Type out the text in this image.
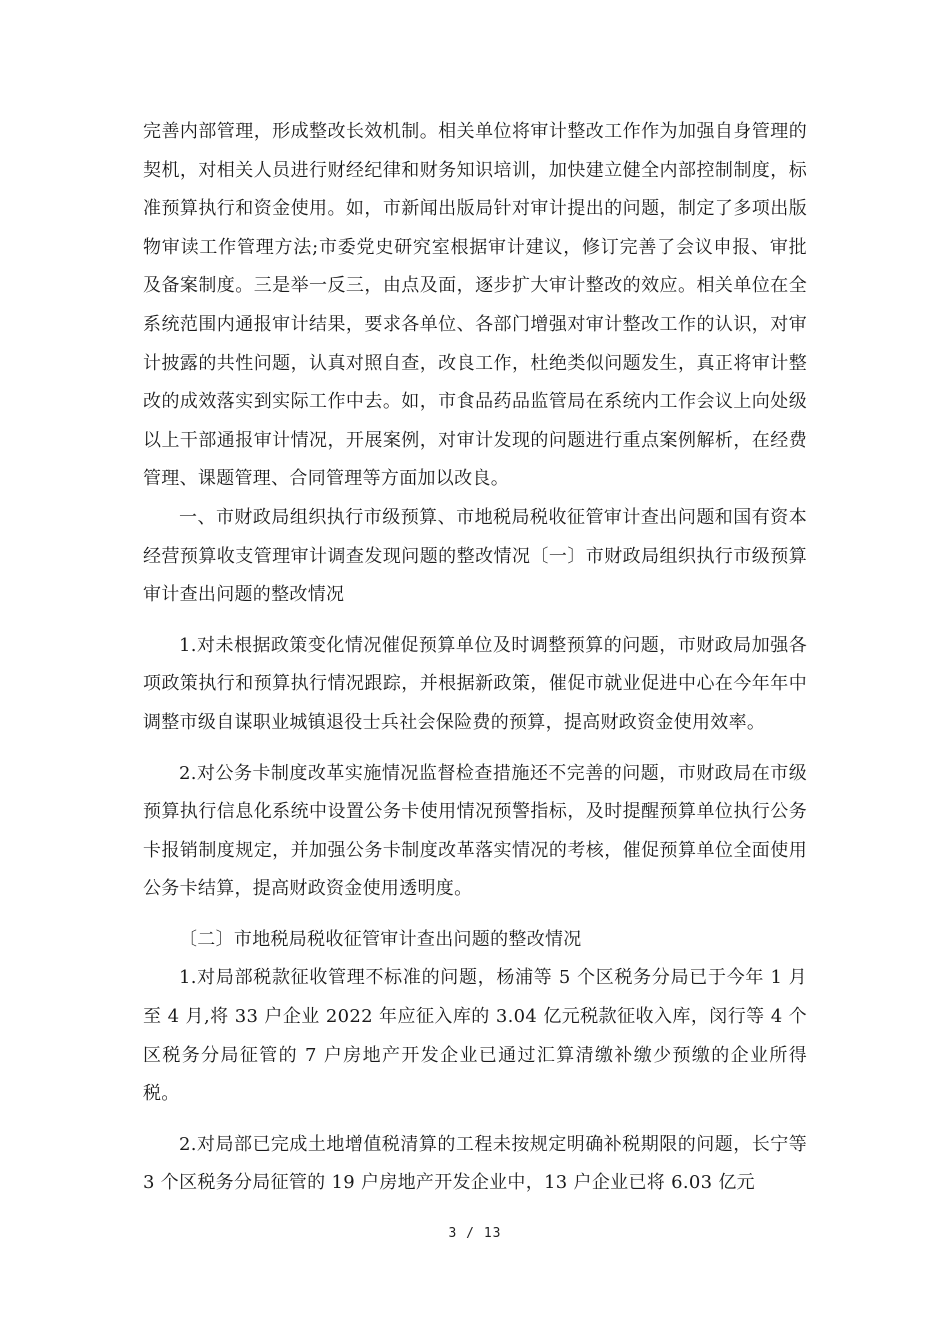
完善内部管理，形成整改长效机制。相关单位将审计整改工作作为加强自身管理的契机，对相关人员进行财经纪律和财务知识培训，加快建立健全内部控制制度，标准预算执行和资金使用。如，市新闻出版局针对审计提出的问题，制定了多项出版物审读工作管理方法;市委党史研究室根据审计建议，修订完善了会议申报、审批及备案制度。三是举一反三，由点及面，逐步扩大审计整改的效应。相关单位在全系统范围内通报审计结果，要求各单位、各部门增强对审计整改工作的认识，对审计披露的共性问题，认真对照自查，改良工作，杜绝类似问题发生，真正将审计整改的成效落实到实际工作中去。如，市食品药品监管局在系统内工作会议上向处级以上干部通报审计情况，开展案例，对审计发现的问题进行重点案例解析，在经费管理、课题管理、合同管理等方面加以改良。

一、市财政局组织执行市级预算、市地税局税收征管审计查出问题和国有资本经营预算收支管理审计调查发现问题的整改情况〔一〕市财政局组织执行市级预算审计查出问题的整改情况

1.对未根据政策变化情况催促预算单位及时调整预算的问题，市财政局加强各项政策执行和预算执行情况跟踪，并根据新政策，催促市就业促进中心在今年年中调整市级自谋职业城镇退役士兵社会保险费的预算，提高财政资金使用效率。

2.对公务卡制度改革实施情况监督检查措施还不完善的问题，市财政局在市级预算执行信息化系统中设置公务卡使用情况预警指标，及时提醒预算单位执行公务卡报销制度规定，并加强公务卡制度改革落实情况的考核，催促预算单位全面使用公务卡结算，提高财政资金使用透明度。

〔二〕市地税局税收征管审计查出问题的整改情况

1.对局部税款征收管理不标准的问题，杨浦等 5 个区税务分局已于今年 1 月至 4 月,将 33 户企业 2022 年应征入库的 3.04 亿元税款征收入库，闵行等 4 个区税务分局征管的 7 户房地产开发企业已通过汇算清缴补缴少预缴的企业所得税。

2.对局部已完成土地增值税清算的工程未按规定明确补税期限的问题，长宁等 3 个区税务分局征管的 19 户房地产开发企业中，13 户企业已将 6.03 亿元

3 / 13
